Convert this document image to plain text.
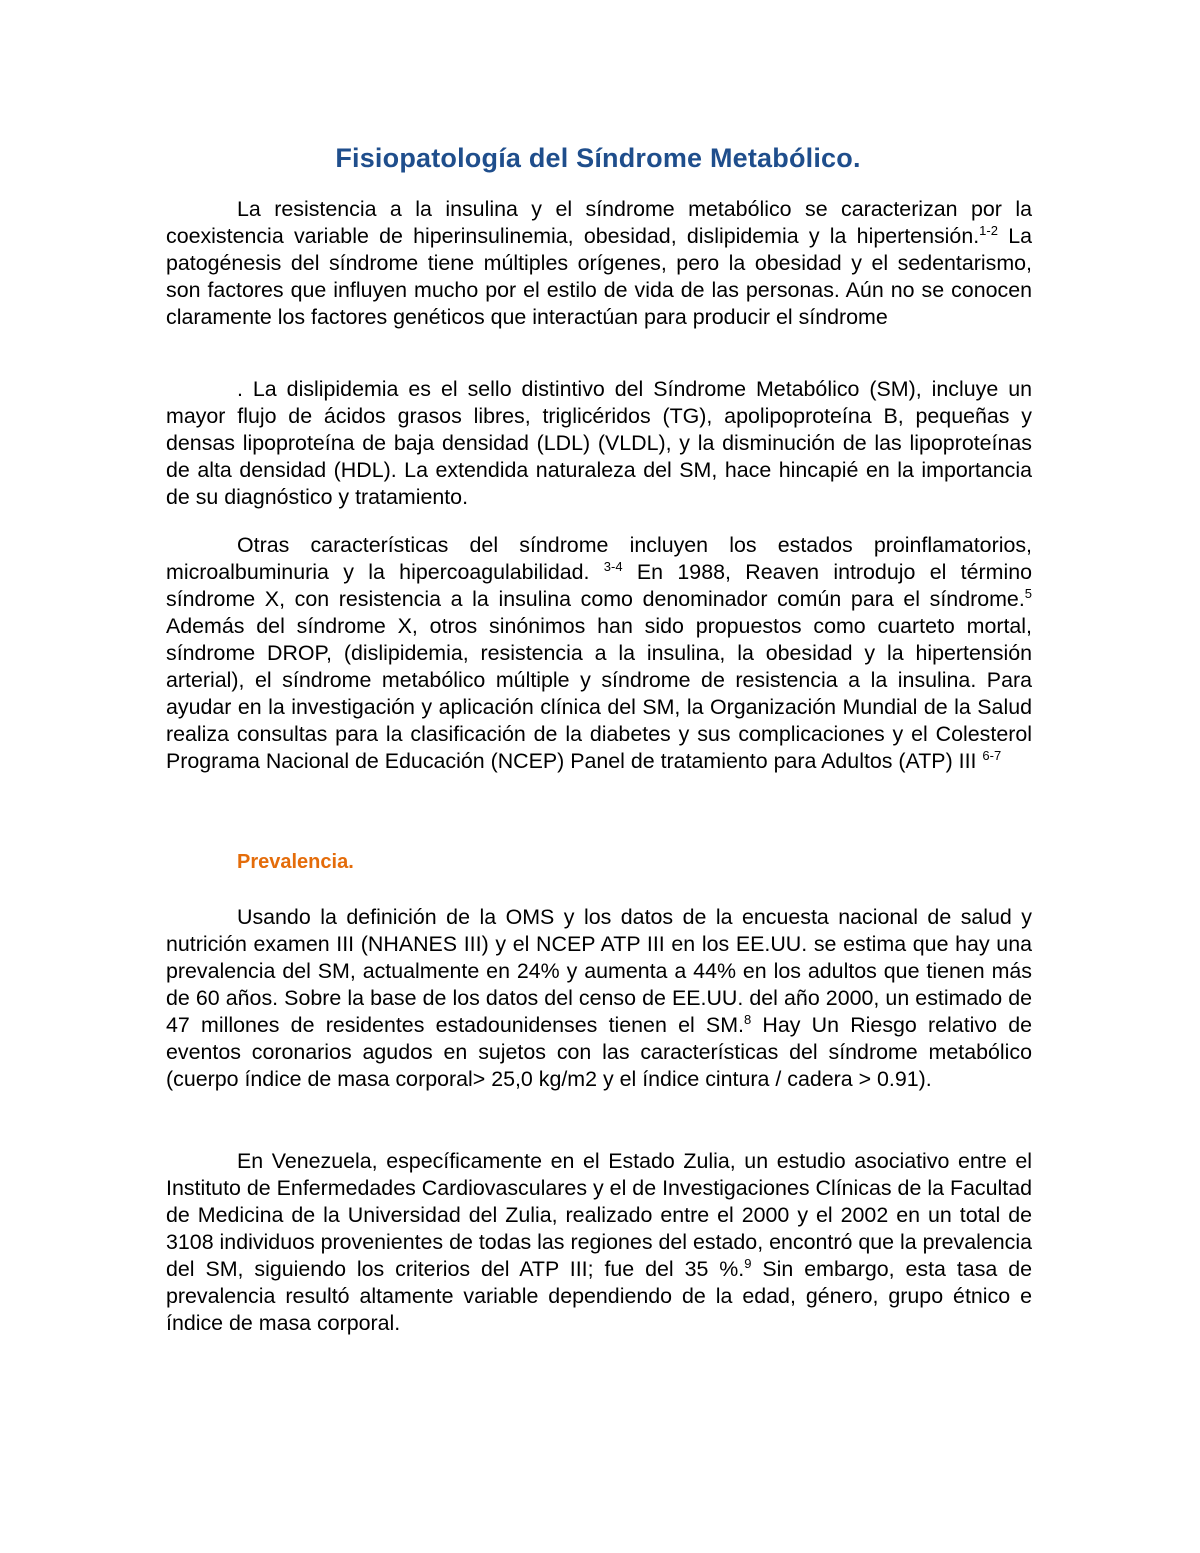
Fisiopatología del Síndrome Metabólico.

La resistencia a la insulina y el síndrome metabólico se caracterizan por la coexistencia variable de hiperinsulinemia, obesidad, dislipidemia y la hipertensión.$^{1-2}$ La patogénesis del síndrome tiene múltiples orígenes, pero la obesidad y el sedentarismo, son factores que influyen mucho por el estilo de vida de las personas. Aún no se conocen claramente los factores genéticos que interactúan para producir el síndrome

. La dislipidemia es el sello distintivo del Síndrome Metabólico (SM), incluye un mayor flujo de ácidos grasos libres, triglicéridos (TG), apolipoproteína B, pequeñas y densas lipoproteína de baja densidad (LDL) (VLDL), y la disminución de las lipoproteínas de alta densidad (HDL). La extendida naturaleza del SM, hace hincapié en la importancia de su diagnóstico y tratamiento.

Otras características del síndrome incluyen los estados proinflamatorios, microalbuminuria y la hipercoagulabilidad. $^{3-4}$ En 1988, Reaven introdujo el término síndrome X, con resistencia a la insulina como denominador común para el síndrome.$^5$ Además del síndrome X, otros sinónimos han sido propuestos como cuarteto mortal, síndrome DROP, (dislipidemia, resistencia a la insulina, la obesidad y la hipertensión arterial), el síndrome metabólico múltiple y síndrome de resistencia a la insulina. Para ayudar en la investigación y aplicación clínica del SM, la Organización Mundial de la Salud realiza consultas para la clasificación de la diabetes y sus complicaciones y el Colesterol Programa Nacional de Educación (NCEP) Panel de tratamiento para Adultos (ATP) III $^{6-7}$

Prevalencia.

Usando la definición de la OMS y los datos de la encuesta nacional de salud y nutrición examen III (NHANES III) y el NCEP ATP III en los EE.UU. se estima que hay una prevalencia del SM, actualmente en 24% y aumenta a 44% en los adultos que tienen más de 60 años. Sobre la base de los datos del censo de EE.UU. del año 2000, un estimado de 47 millones de residentes estadounidenses tienen el SM.$^8$ Hay Un Riesgo relativo de eventos coronarios agudos en sujetos con las características del síndrome metabólico (cuerpo índice de masa corporal> 25,0 kg/m2 y el índice cintura / cadera > 0.91).

En Venezuela, específicamente en el Estado Zulia, un estudio asociativo entre el Instituto de Enfermedades Cardiovasculares y el de Investigaciones Clínicas de la Facultad de Medicina de la Universidad del Zulia, realizado entre el 2000 y el 2002 en un total de 3108 individuos provenientes de todas las regiones del estado, encontró que la prevalencia del SM, siguiendo los criterios del ATP III; fue del 35 %.$^9$ Sin embargo, esta tasa de prevalencia resultó altamente variable dependiendo de la edad, género, grupo étnico e índice de masa corporal.
